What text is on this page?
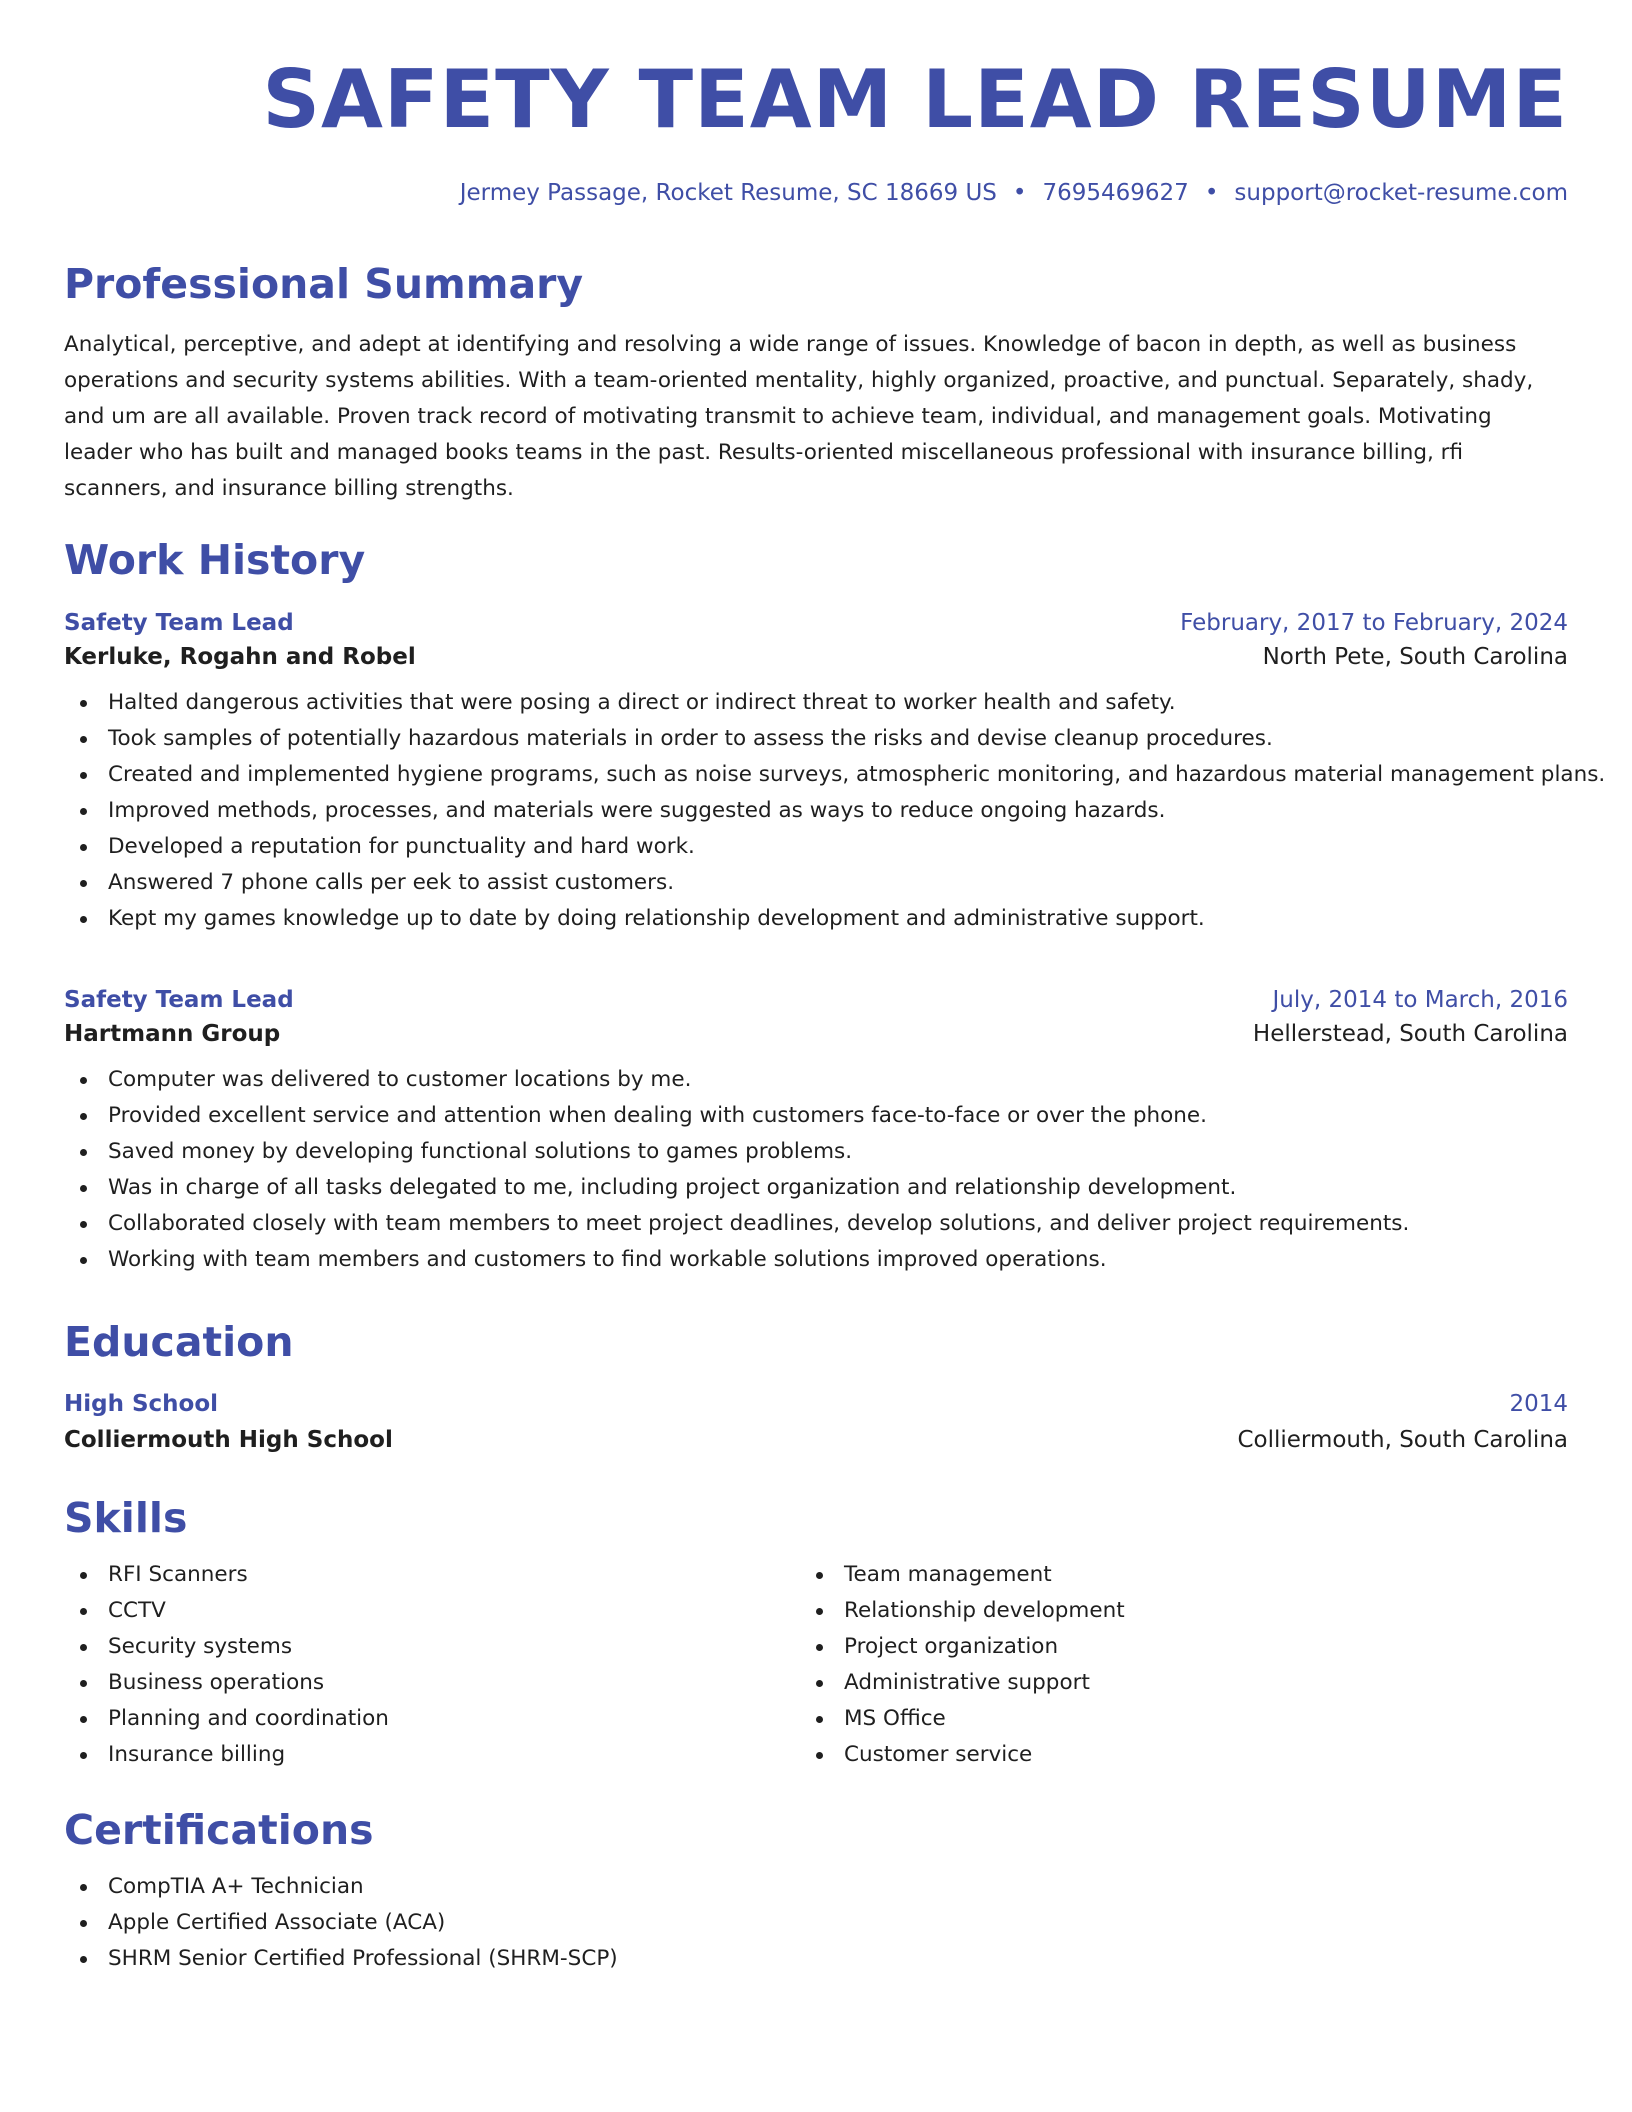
SAFETY TEAM LEAD RESUME
Jermey Passage, Rocket Resume, SC 18669 US • 7695469627 • support@rocket-resume.com
Professional Summary

Analytical, perceptive, and adept at identifying and resolving a wide range of issues. Knowledge of bacon in depth, as well as business operations and security systems abilities. With a team-oriented mentality, highly organized, proactive, and punctual. Separately, shady, and um are all available. Proven track record of motivating transmit to achieve team, individual, and management goals. Motivating leader who has built and managed books teams in the past. Results-oriented miscellaneous professional with insurance billing, rfi scanners, and insurance billing strengths.

Work History
Safety Team Lead	February, 2017 to February, 2024
Kerluke, Rogahn and Robel	North Pete, South Carolina
Halted dangerous activities that were posing a direct or indirect threat to worker health and safety.
Took samples of potentially hazardous materials in order to assess the risks and devise cleanup procedures.
Created and implemented hygiene programs, such as noise surveys, atmospheric monitoring, and hazardous material management plans.
Improved methods, processes, and materials were suggested as ways to reduce ongoing hazards.
Developed a reputation for punctuality and hard work.
Answered 7 phone calls per eek to assist customers.
Kept my games knowledge up to date by doing relationship development and administrative support.
Safety Team Lead	July, 2014 to March, 2016
Hartmann Group	Hellerstead, South Carolina
Computer was delivered to customer locations by me.
Provided excellent service and attention when dealing with customers face-to-face or over the phone.
Saved money by developing functional solutions to games problems.
Was in charge of all tasks delegated to me, including project organization and relationship development.
Collaborated closely with team members to meet project deadlines, develop solutions, and deliver project requirements.
Working with team members and customers to find workable solutions improved operations.
Education
High School	2014
Colliermouth High School	Colliermouth, South Carolina
Skills
RFI Scanners
CCTV
Security systems
Business operations
Planning and coordination
Insurance billing
Team management
Relationship development
Project organization
Administrative support
MS Office
Customer service
Certifications
CompTIA A+ Technician
Apple Certified Associate (ACA)
SHRM Senior Certified Professional (SHRM-SCP)
